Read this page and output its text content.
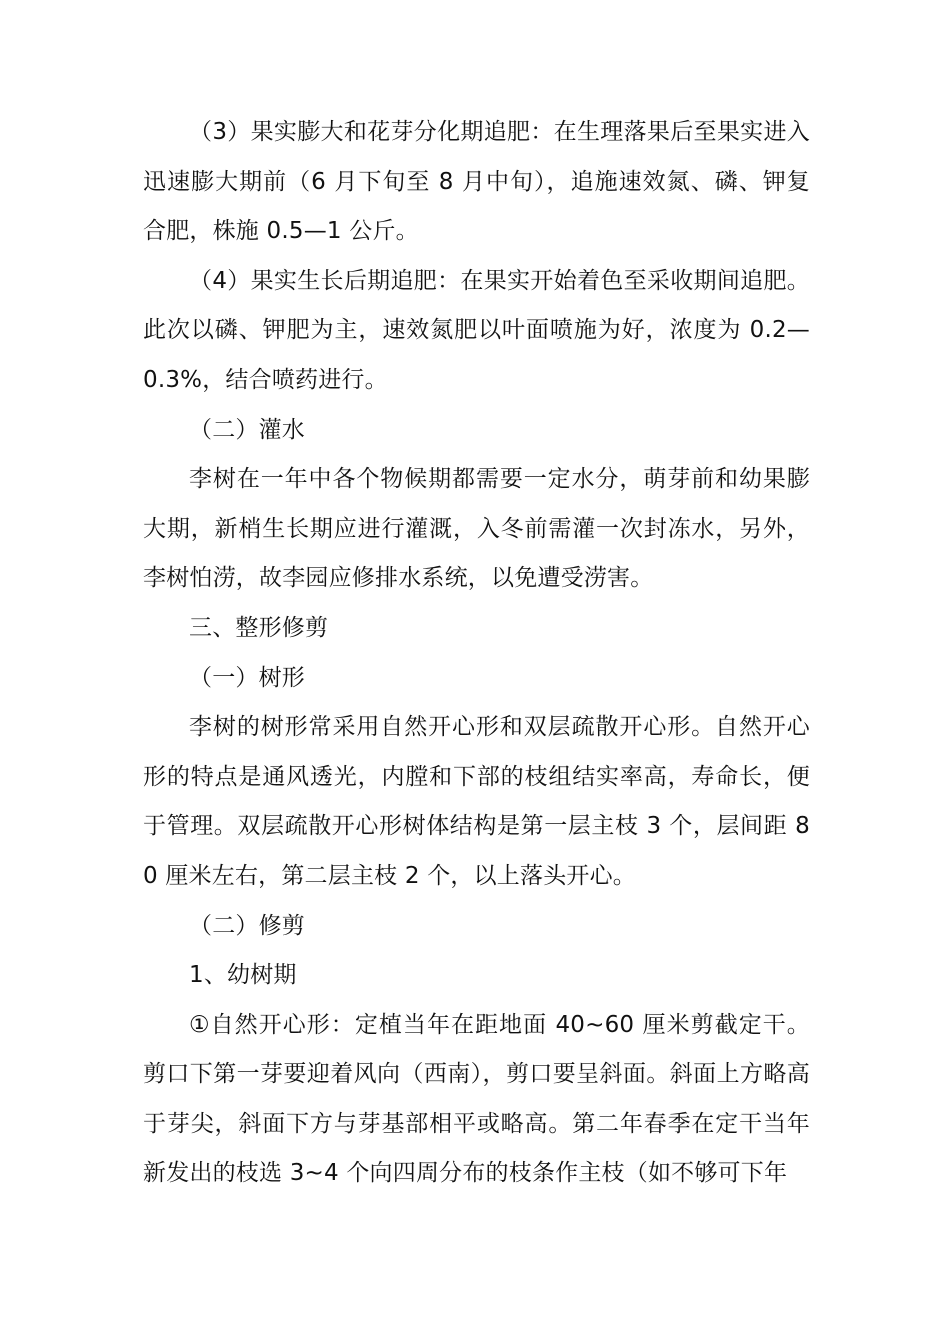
（3）果实膨大和花芽分化期追肥：在生理落果后至果实进入迅速膨大期前（6 月下旬至 8 月中旬），追施速效氮、磷、钾复合肥，株施 0.5—1 公斤。

（4）果实生长后期追肥：在果实开始着色至采收期间追肥。此次以磷、钾肥为主，速效氮肥以叶面喷施为好，浓度为 0.2—0.3%，结合喷药进行。

（二）灌水

李树在一年中各个物候期都需要一定水分，萌芽前和幼果膨大期，新梢生长期应进行灌溉，入冬前需灌一次封冻水，另外，李树怕涝，故李园应修排水系统，以免遭受涝害。

三、整形修剪

（一）树形

李树的树形常采用自然开心形和双层疏散开心形。自然开心形的特点是通风透光，内膛和下部的枝组结实率高，寿命长，便于管理。双层疏散开心形树体结构是第一层主枝 3 个，层间距 80 厘米左右，第二层主枝 2 个，以上落头开心。

（二）修剪

1、幼树期

①自然开心形：定植当年在距地面 40~60 厘米剪截定干。剪口下第一芽要迎着风向（西南），剪口要呈斜面。斜面上方略高于芽尖，斜面下方与芽基部相平或略高。第二年春季在定干当年新发出的枝选 3~4 个向四周分布的枝条作主枝（如不够可下年
